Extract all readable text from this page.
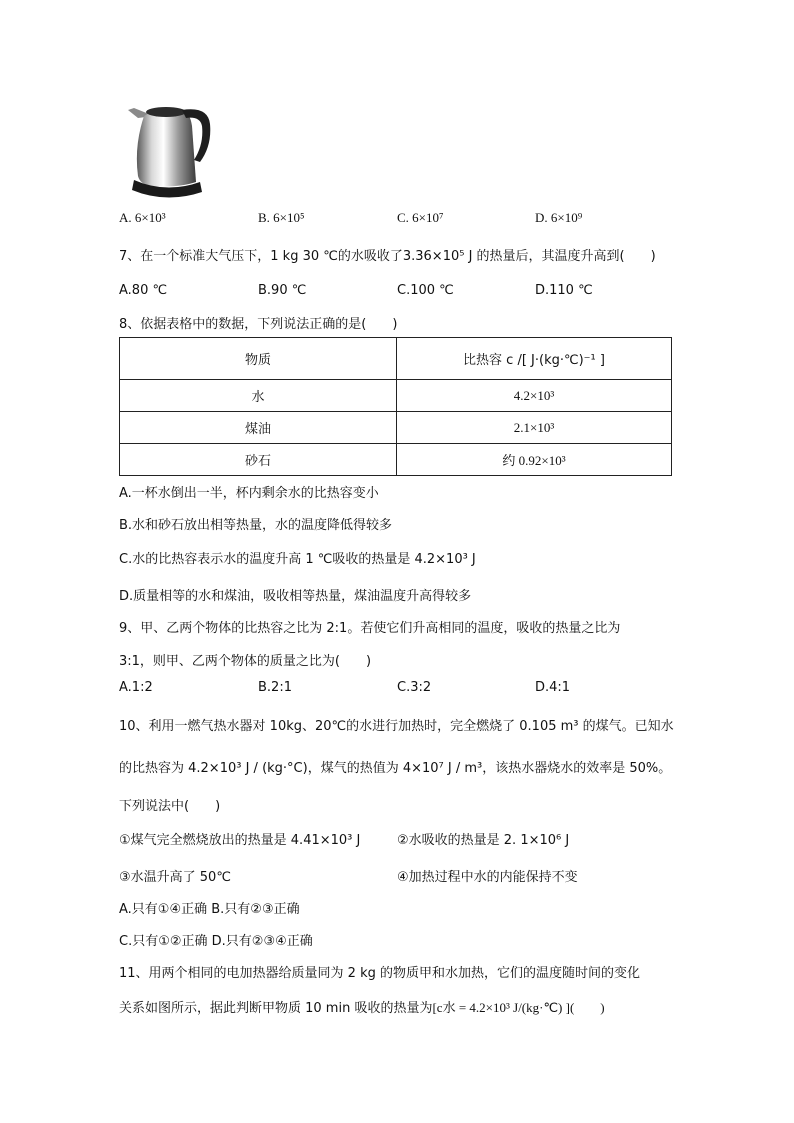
A. 6×10³	B. 6×10⁵	C. 6×10⁷	D. 6×10⁹
7、在一个标准大气压下，1 kg 30 ℃的水吸收了3.36×10⁵ J 的热量后，其温度升高到(　　)
A.80 ℃	B.90 ℃	C.100 ℃	D.110 ℃
8、依据表格中的数据，下列说法正确的是(　　)
物质	比热容 c /[ J·(kg·℃)⁻¹ ]
水	4.2×10³
煤油	2.1×10³
砂石	约 0.92×10³
A.一杯水倒出一半，杯内剩余水的比热容变小
B.水和砂石放出相等热量，水的温度降低得较多
C.水的比热容表示水的温度升高 1 ℃吸收的热量是 4.2×10³ J
D.质量相等的水和煤油，吸收相等热量，煤油温度升高得较多
9、甲、乙两个物体的比热容之比为 2:1。若使它们升高相同的温度，吸收的热量之比为
3:1，则甲、乙两个物体的质量之比为(　　)
A.1:2	B.2:1	C.3:2	D.4:1
10、利用一燃气热水器对 10kg、20℃的水进行加热时，完全燃烧了 0.105 m³ 的煤气。已知水
的比热容为 4.2×10³ J / (kg·°C)，煤气的热值为 4×10⁷ J / m³，该热水器烧水的效率是 50%。
下列说法中(　　)
①煤气完全燃烧放出的热量是 4.41×10³ J	②水吸收的热量是 2. 1×10⁶ J
③水温升高了 50℃	④加热过程中水的内能保持不变
A.只有①④正确 B.只有②③正确
C.只有①②正确 D.只有②③④正确
11、用两个相同的电加热器给质量同为 2 kg 的物质甲和水加热，它们的温度随时间的变化
关系如图所示，据此判断甲物质 10 min 吸收的热量为[c水 = 4.2×10³ J/(kg·℃) ](　　)
